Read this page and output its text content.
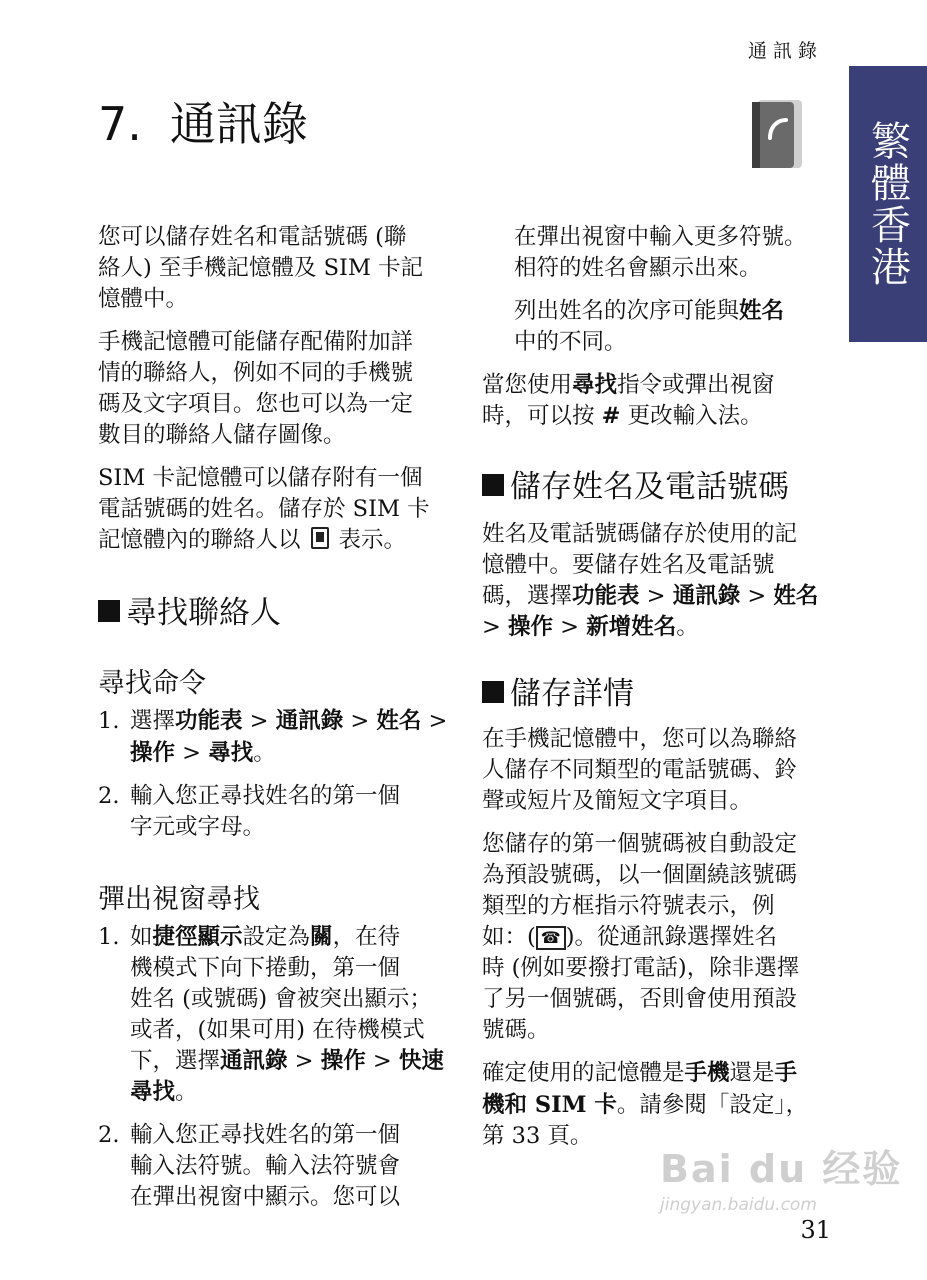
通訊錄
繁體香港
7. 通訊錄

您可以儲存姓名和電話號碼 (聯
絡人) 至手機記憶體及 SIM 卡記
憶體中。

手機記憶體可能儲存配備附加詳
情的聯絡人，例如不同的手機號
碼及文字項目。您也可以為一定
數目的聯絡人儲存圖像。

SIM 卡記憶體可以儲存附有一個
電話號碼的姓名。儲存於 SIM 卡
記憶體內的聯絡人以 表示。

尋找聯絡人
尋找命令
1. 選擇功能表 > 通訊錄 > 姓名 >
操作 > 尋找。
2. 輸入您正尋找姓名的第一個
字元或字母。
彈出視窗尋找
1. 如捷徑顯示設定為關，在待
機模式下向下捲動，第一個
姓名 (或號碼) 會被突出顯示；
或者，(如果可用) 在待機模式
下，選擇通訊錄 > 操作 > 快速
尋找。
2. 輸入您正尋找姓名的第一個
輸入法符號。輸入法符號會
在彈出視窗中顯示。您可以

在彈出視窗中輸入更多符號。
相符的姓名會顯示出來。

列出姓名的次序可能與姓名
中的不同。

當您使用尋找指令或彈出視窗
時，可以按 # 更改輸入法。

儲存姓名及電話號碼

姓名及電話號碼儲存於使用的記
憶體中。要儲存姓名及電話號
碼，選擇功能表 > 通訊錄 > 姓名
> 操作 > 新增姓名。

儲存詳情

在手機記憶體中，您可以為聯絡
人儲存不同類型的電話號碼、鈴
聲或短片及簡短文字項目。

您儲存的第一個號碼被自動設定
為預設號碼，以一個圍繞該號碼
類型的方框指示符號表示，例
如：( ☎ )。從通訊錄選擇姓名
時 (例如要撥打電話)，除非選擇
了另一個號碼，否則會使用預設
號碼。

確定使用的記憶體是手機還是手
機和 SIM 卡。請參閱「設定」，
第 33 頁。

Bai du 经验
jingyan.baidu.com
31
